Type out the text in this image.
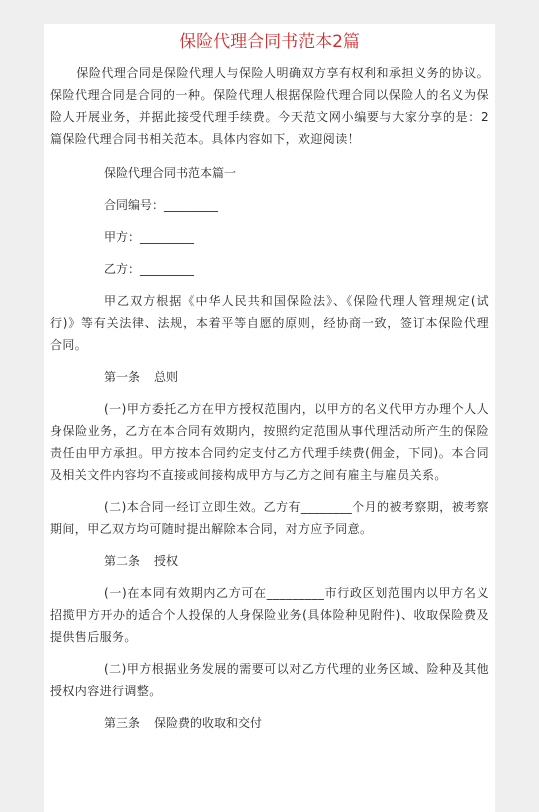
保险代理合同书范本2篇

保险代理合同是保险代理人与保险人明确双方享有权利和承担义务的协议。保险代理合同是合同的一种。保险代理人根据保险代理合同以保险人的名义为保险人开展业务，并据此接受代理手续费。今天范文网小编要与大家分享的是：2篇保险代理合同书相关范本。具体内容如下，欢迎阅读！

保险代理合同书范本篇一

合同编号：_________

甲方：_________

乙方：_________

甲乙双方根据《中华人民共和国保险法》、《保险代理人管理规定(试行)》等有关法律、法规，本着平等自愿的原则，经协商一致，签订本保险代理合同。

第一条 总则

(一)甲方委托乙方在甲方授权范围内，以甲方的名义代甲方办理个人人身保险业务，乙方在本合同有效期内，按照约定范围从事代理活动所产生的保险责任由甲方承担。甲方按本合同约定支付乙方代理手续费(佣金，下同)。本合同及相关文件内容均不直接或间接构成甲方与乙方之间有雇主与雇员关系。

(二)本合同一经订立即生效。乙方有________个月的被考察期，被考察期间，甲乙双方均可随时提出解除本合同，对方应予同意。

第二条 授权

(一)在本同有效期内乙方可在_________市行政区划范围内以甲方名义招揽甲方开办的适合个人投保的人身保险业务(具体险种见附件)、收取保险费及提供售后服务。

(二)甲方根据业务发展的需要可以对乙方代理的业务区域、险种及其他授权内容进行调整。

第三条 保险费的收取和交付
